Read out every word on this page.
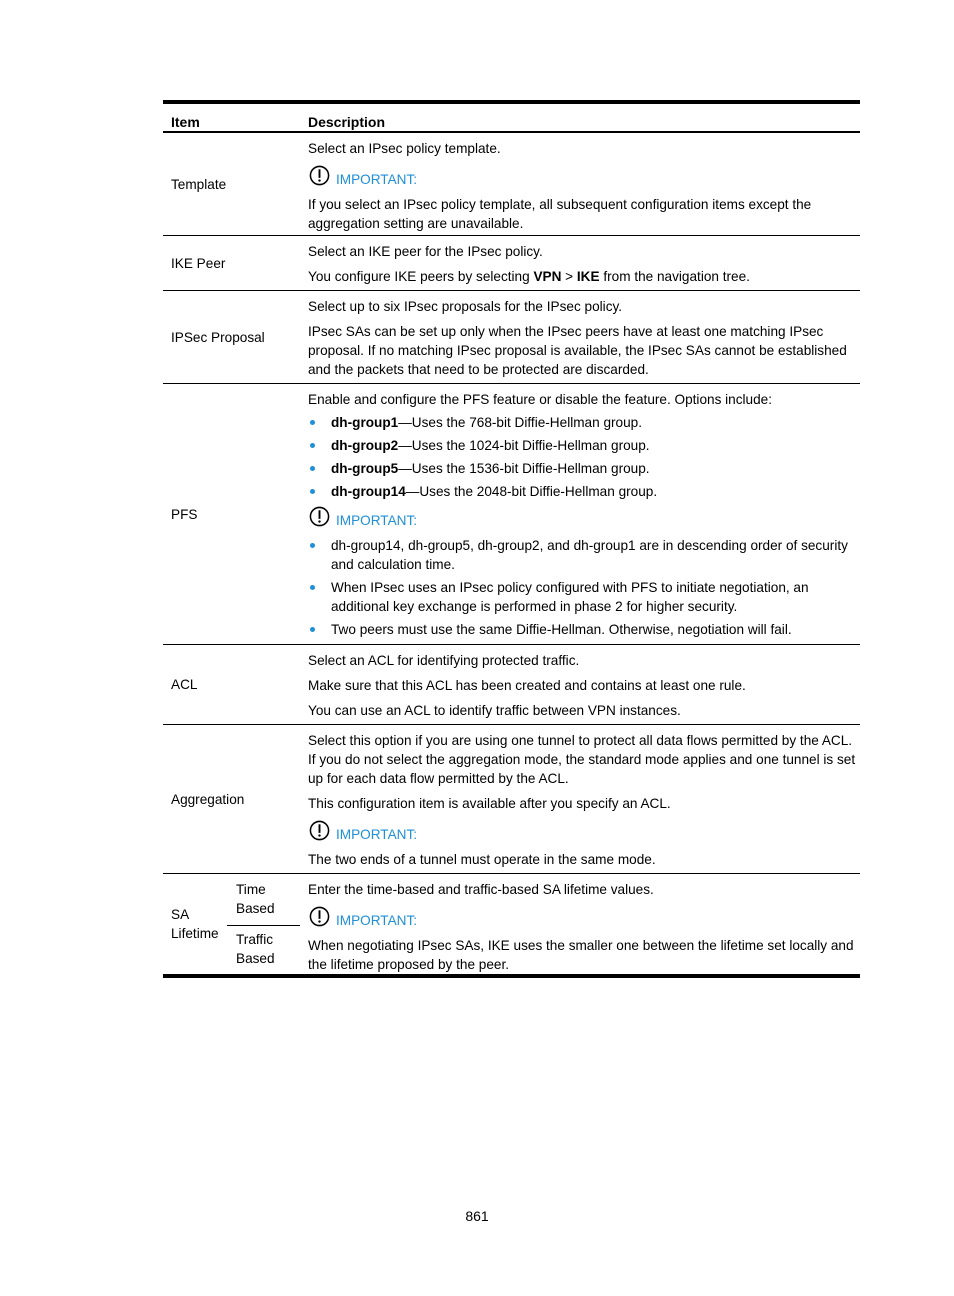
Item	Description
Template

Select an IPsec policy template.

IMPORTANT:

If you select an IPsec policy template, all subsequent configuration items except the aggregation setting are unavailable.

IKE Peer

Select an IKE peer for the IPsec policy.

You configure IKE peers by selecting VPN > IKE from the navigation tree.

IPSec Proposal

Select up to six IPsec proposals for the IPsec policy.

IPsec SAs can be set up only when the IPsec peers have at least one matching IPsec proposal. If no matching IPsec proposal is available, the IPsec SAs cannot be established and the packets that need to be protected are discarded.

PFS

Enable and configure the PFS feature or disable the feature. Options include:

dh-group1—Uses the 768-bit Diffie-Hellman group.
dh-group2—Uses the 1024-bit Diffie-Hellman group.
dh-group5—Uses the 1536-bit Diffie-Hellman group.
dh-group14—Uses the 2048-bit Diffie-Hellman group.
IMPORTANT:
dh-group14, dh-group5, dh-group2, and dh-group1 are in descending order of security and calculation time.
When IPsec uses an IPsec policy configured with PFS to initiate negotiation, an additional key exchange is performed in phase 2 for higher security.
Two peers must use the same Diffie-Hellman. Otherwise, negotiation will fail.
ACL

Select an ACL for identifying protected traffic.

Make sure that this ACL has been created and contains at least one rule.

You can use an ACL to identify traffic between VPN instances.

Aggregation

Select this option if you are using one tunnel to protect all data flows permitted by the ACL. If you do not select the aggregation mode, the standard mode applies and one tunnel is set up for each data flow permitted by the ACL.

This configuration item is available after you specify an ACL.

IMPORTANT:

The two ends of a tunnel must operate in the same mode.

SA Lifetime
Time Based
Traffic Based

Enter the time-based and traffic-based SA lifetime values.

IMPORTANT:

When negotiating IPsec SAs, IKE uses the smaller one between the lifetime set locally and the lifetime proposed by the peer.

861
